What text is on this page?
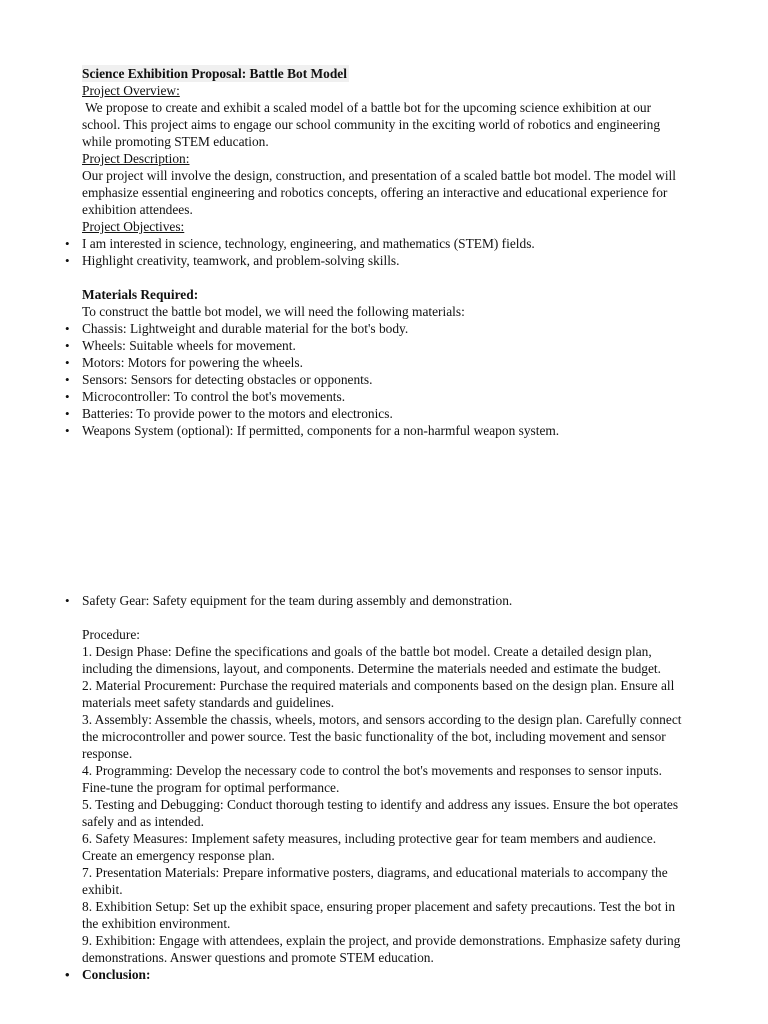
Science Exhibition Proposal: Battle Bot Model
Project Overview:
We propose to create and exhibit a scaled model of a battle bot for the upcoming science exhibition at our
school. This project aims to engage our school community in the exciting world of robotics and engineering
while promoting STEM education.
Project Description:
Our project will involve the design, construction, and presentation of a scaled battle bot model. The model will
emphasize essential engineering and robotics concepts, offering an interactive and educational experience for
exhibition attendees.
Project Objectives:
• I am interested in science, technology, engineering, and mathematics (STEM) fields.
• Highlight creativity, teamwork, and problem-solving skills.
Materials Required:
To construct the battle bot model, we will need the following materials:
• Chassis: Lightweight and durable material for the bot's body.
• Wheels: Suitable wheels for movement.
• Motors: Motors for powering the wheels.
• Sensors: Sensors for detecting obstacles or opponents.
• Microcontroller: To control the bot's movements.
• Batteries: To provide power to the motors and electronics.
• Weapons System (optional): If permitted, components for a non-harmful weapon system.
• Safety Gear: Safety equipment for the team during assembly and demonstration.
Procedure:
1. Design Phase: Define the specifications and goals of the battle bot model. Create a detailed design plan,
including the dimensions, layout, and components. Determine the materials needed and estimate the budget.
2. Material Procurement: Purchase the required materials and components based on the design plan. Ensure all
materials meet safety standards and guidelines.
3. Assembly: Assemble the chassis, wheels, motors, and sensors according to the design plan. Carefully connect
the microcontroller and power source. Test the basic functionality of the bot, including movement and sensor
response.
4. Programming: Develop the necessary code to control the bot's movements and responses to sensor inputs.
Fine-tune the program for optimal performance.
5. Testing and Debugging: Conduct thorough testing to identify and address any issues. Ensure the bot operates
safely and as intended.
6. Safety Measures: Implement safety measures, including protective gear for team members and audience.
Create an emergency response plan.
7. Presentation Materials: Prepare informative posters, diagrams, and educational materials to accompany the
exhibit.
8. Exhibition Setup: Set up the exhibit space, ensuring proper placement and safety precautions. Test the bot in
the exhibition environment.
9. Exhibition: Engage with attendees, explain the project, and provide demonstrations. Emphasize safety during
demonstrations. Answer questions and promote STEM education.
• Conclusion:
